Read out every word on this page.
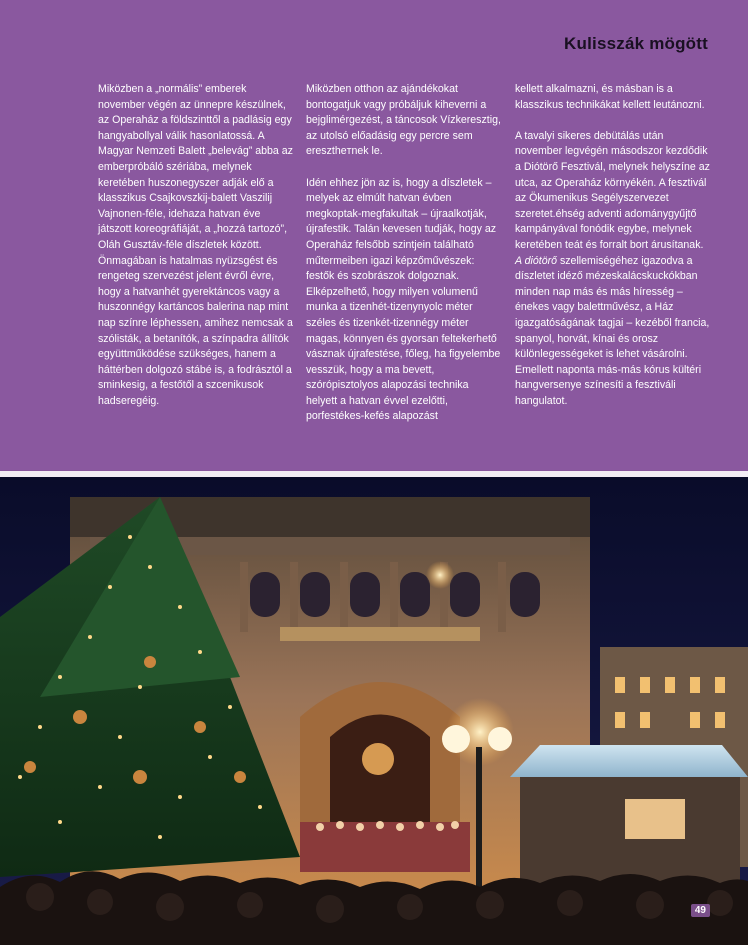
Kulisszák mögött

Miközben a „normális” emberek november végén az ünnepre készülnek, az Operaház a földszinttől a padlásig egy hangyabollyal válik hasonlatossá. A Magyar Nemzeti Balett „belevág” abba az emberpróbáló szériába, melynek keretében huszonegyszer adják elő a klasszikus Csajkovszkij-balett Vaszilij Vajnonen-féle, idehaza hatvan éve játszott koreográfiáját, a „hozzá tartozó”, Oláh Gusztáv-féle díszletek között. Önmagában is hatalmas nyüzsgést és rengeteg szervezést jelent évről évre, hogy a hatvanhét gyerektáncos vagy a huszonnégy kartáncos balerina nap mint nap színre léphessen, amihez nemcsak a szólisták, a betanítók, a színpadra állítók együttműködése szükséges, hanem a háttérben dolgozó stábé is, a fodrásztól a sminkesig, a festőtől a szcenikusok hadseregéig.

Miközben otthon az ajándékokat bontogatjuk vagy próbáljuk kiheverni a bejglimérgezést, a táncosok Vízkeresztig, az utolsó előadásig egy percre sem eresztheтnek le.

Idén ehhez jön az is, hogy a díszletek – melyek az elmúlt hatvan évben megkoptak-megfakultak – újraalkotják, újrafestik. Talán kevesen tudják, hogy az Operaház felsőbb szintjein található műtermeiben igazi képzőművészek: festők és szobrászok dolgoznak. Elképzelhető, hogy milyen volumenű munka a tizenhét-tizenynyolc méter széles és tizenkét-tizennégy méter magas, könnyen és gyorsan feltekerhető vásznak újrafestése, főleg, ha figyelembe vesszük, hogy a ma bevett, szórópisztolyos alapozási technika helyett a hatvan évvel ezelőtti, porfestékes-kefés alapozást

kellett alkalmazni, és másban is a klasszikus technikákat kellett leutánozni.

A tavalyi sikeres debütálás után november legvégén másodszor kezdődik a Diótörő Fesztivál, melynek helyszíne az utca, az Operaház környékén. A fesztivál az Ökumenikus Segélyszervezet szeretet.éhség adventi adománygyűjtő kampányával fonódik egybe, melynek keretében teát és forralt bort árusítanak. A diótörő szellemiségéhez igazodva a díszletet idéző mézeskalácskuckókban minden nap más és más híresség – énekes vagy balettművész, a Ház igazgatóságának tagjai – kezéből francia, spanyol, horvát, kínai és orosz különlegességeket is lehet vásárolni. Emellett naponta más-más kórus kültéri hangversenye színesíti a fesztiváli hangulatot.

49
